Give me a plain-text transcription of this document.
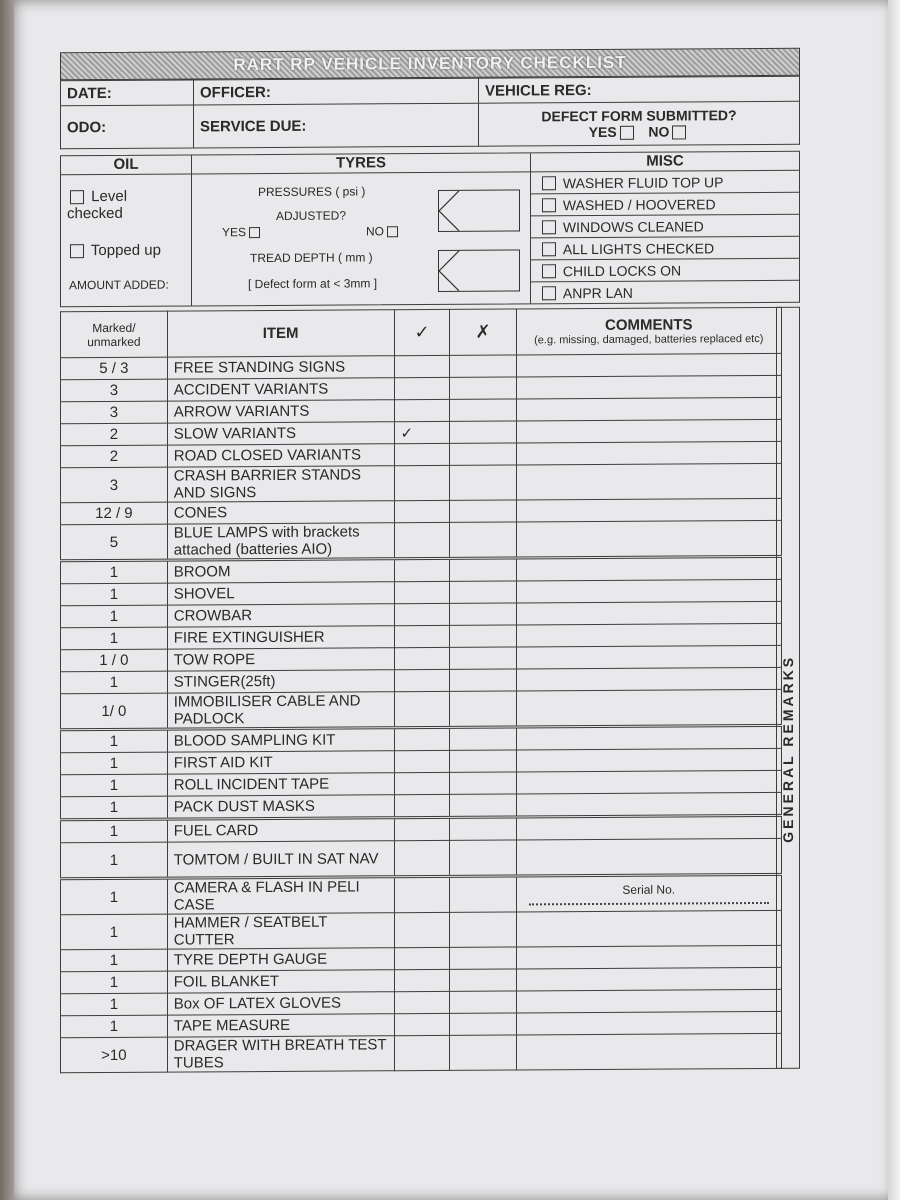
RART RP VEHICLE INVENTORY CHECKLIST
DATE:	OFFICER:	VEHICLE REG:
ODO:	SERVICE DUE:	DEFECT FORM SUBMITTED?
YES NO
OIL
Level checked
Topped up
AMOUNT ADDED:
TYRES
PRESSURES ( psi )
ADJUSTED?
YES	NO
TREAD DEPTH ( mm )
[ Defect form at < 3mm ]
MISC

WASHER FLUID TOP UP

WASHED / HOOVERED

WINDOWS CLEANED

ALL LIGHTS CHECKED

CHILD LOCKS ON

ANPR LAN
Marked/ unmarked	ITEM	✓	✗	COMMENTS
(e.g. missing, damaged, batteries replaced etc)

5 / 3	FREE STANDING SIGNS			
3	ACCIDENT VARIANTS			
3	ARROW VARIANTS			
2	SLOW VARIANTS	✓		
2	ROAD CLOSED VARIANTS			
3	CRASH BARRIER STANDS AND SIGNS			
12 / 9	CONES			
5	BLUE LAMPS with brackets attached (batteries AIO)			
1	BROOM			
1	SHOVEL			
1	CROWBAR			
1	FIRE EXTINGUISHER			
1 / 0	TOW ROPE			
1	STINGER(25ft)			
1/ 0	IMMOBILISER CABLE AND PADLOCK			
1	BLOOD SAMPLING KIT			
1	FIRST AID KIT			
1	ROLL INCIDENT TAPE			
1	PACK DUST MASKS			
1	FUEL CARD			
1	TOMTOM / BUILT IN SAT NAV			
1	CAMERA & FLASH IN PELI CASE			Serial No.

1	HAMMER / SEATBELT CUTTER			
1	TYRE DEPTH GAUGE			
1	FOIL BLANKET			
1	Box OF LATEX GLOVES			
1	TAPE MEASURE			
>10	DRAGER WITH BREATH TEST TUBES			
GENERAL REMARKS
